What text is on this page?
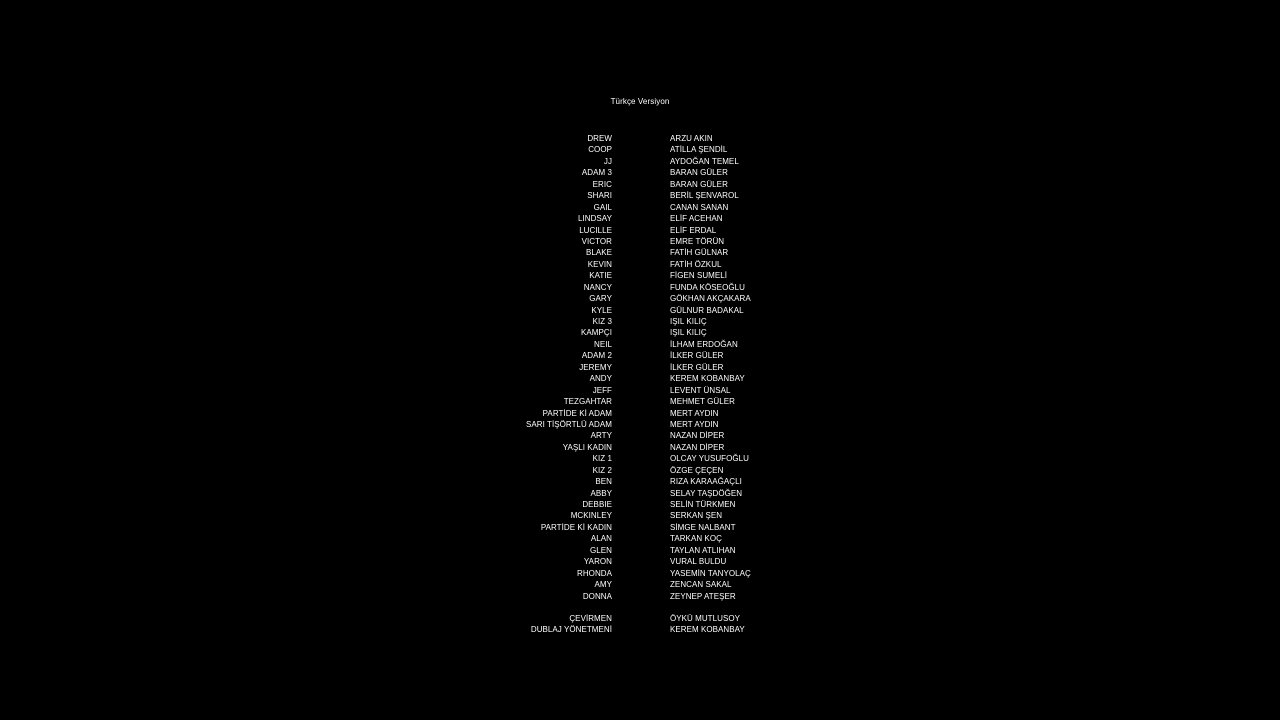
Türkçe Versiyon
DREW	ARZU AKIN
COOP	ATİLLA ŞENDİL
JJ	AYDOĞAN TEMEL
ADAM 3	BARAN GÜLER
ERIC	BARAN GÜLER
SHARI	BERİL ŞENVAROL
GAIL	CANAN SANAN
LINDSAY	ELİF ACEHAN
LUCILLE	ELİF ERDAL
VICTOR	EMRE TÖRÜN
BLAKE	FATİH GÜLNAR
KEVIN	FATİH ÖZKUL
KATIE	FİGEN SUMELİ
NANCY	FUNDA KÖSEOĞLU
GARY	GÖKHAN AKÇAKARA
KYLE	GÜLNUR BADAKAL
KIZ 3	IŞIL KILIÇ
KAMPÇI	IŞIL KILIÇ
NEIL	İLHAM ERDOĞAN
ADAM 2	İLKER GÜLER
JEREMY	İLKER GÜLER
ANDY	KEREM KOBANBAY
JEFF	LEVENT ÜNSAL
TEZGAHTAR	MEHMET GÜLER
PARTİDE Kİ ADAM	MERT AYDIN
SARI TİŞÖRTLÜ ADAM	MERT AYDIN
ARTY	NAZAN DİPER
YAŞLI KADIN	NAZAN DİPER
KIZ 1	OLCAY YUSUFOĞLU
KIZ 2	ÖZGE ÇEÇEN
BEN	RIZA KARAAĞAÇLI
ABBY	SELAY TAŞDÖĞEN
DEBBIE	SELİN TÜRKMEN
MCKINLEY	SERKAN ŞEN
PARTİDE Kİ KADIN	SİMGE NALBANT
ALAN	TARKAN KOÇ
GLEN	TAYLAN ATLIHAN
YARON	VURAL BULDU
RHONDA	YASEMİN TANYOLAÇ
AMY	ZENCAN SAKAL
DONNA	ZEYNEP ATEŞER
ÇEVİRMEN	ÖYKÜ MUTLUSOY
DUBLAJ YÖNETMENİ	KEREM KOBANBAY
